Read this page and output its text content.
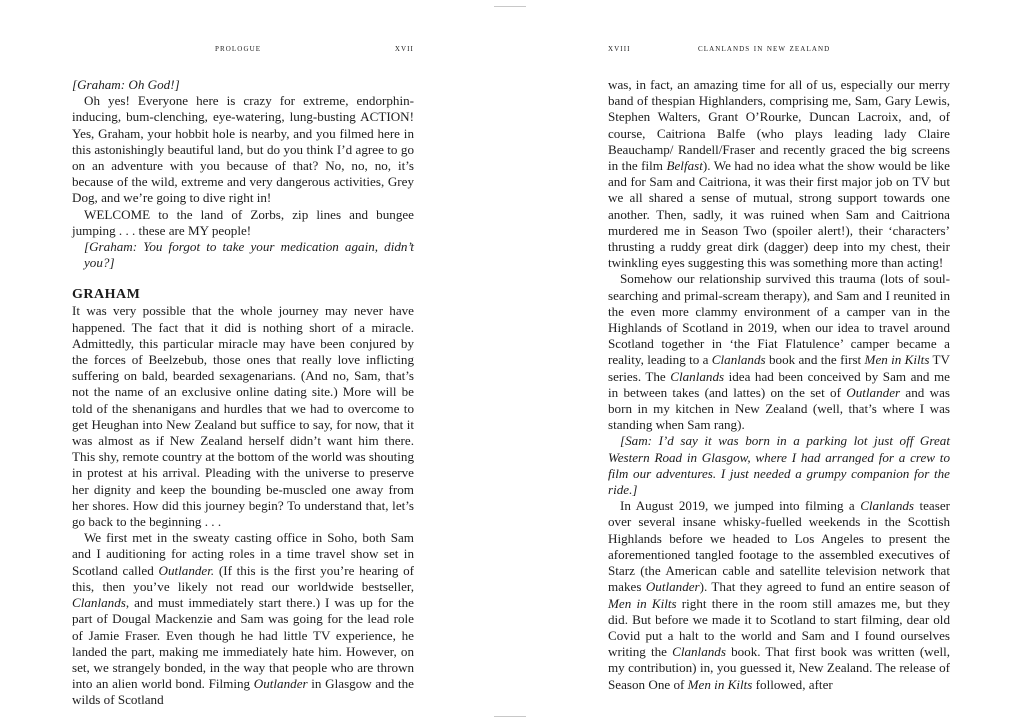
prologue	xvii

[Graham: Oh God!]

Oh yes! Everyone here is crazy for extreme, endorphin-inducing, bum-clenching, eye-watering, lung-busting ACTION! Yes, Graham, your hobbit hole is nearby, and you filmed here in this astonishingly beautiful land, but do you think I’d agree to go on an adventure with you because of that? No, no, no, it’s because of the wild, extreme and very dangerous activities, Grey Dog, and we’re going to dive right in!

WELCOME to the land of Zorbs, zip lines and bungee jumping . . . these are MY people!

[Graham: You forgot to take your medication again, didn’t you?]

GRAHAM

It was very possible that the whole journey may never have happened. The fact that it did is nothing short of a miracle. Admittedly, this particular miracle may have been conjured by the forces of Beelzebub, those ones that really love inflicting suffering on bald, bearded sexagenarians. (And no, Sam, that’s not the name of an exclusive online dating site.) More will be told of the shenanigans and hurdles that we had to overcome to get Heughan into New Zealand but suffice to say, for now, that it was almost as if New Zealand herself didn’t want him there. This shy, remote country at the bottom of the world was shouting in protest at his arrival. Pleading with the universe to preserve her dignity and keep the bounding be-muscled one away from her shores. How did this journey begin? To understand that, let’s go back to the beginning . . .

We first met in the sweaty casting office in Soho, both Sam and I auditioning for acting roles in a time travel show set in Scotland called Outlander. (If this is the first you’re hearing of this, then you’ve likely not read our worldwide bestseller, Clanlands, and must immediately start there.) I was up for the part of Dougal Mackenzie and Sam was going for the lead role of Jamie Fraser. Even though he had little TV experience, he landed the part, making me immediately hate him. However, on set, we strangely bonded, in the way that people who are thrown into an alien world bond. Filming Outlander in Glasgow and the wilds of Scotland

xviii	clanlands in new zealand

was, in fact, an amazing time for all of us, especially our merry band of thespian Highlanders, comprising me, Sam, Gary Lewis, Stephen Walters, Grant O’Rourke, Duncan Lacroix, and, of course, Caitriona Balfe (who plays leading lady Claire Beauchamp/ Randell/Fraser and recently graced the big screens in the film Belfast). We had no idea what the show would be like and for Sam and Caitriona, it was their first major job on TV but we all shared a sense of mutual, strong support towards one another. Then, sadly, it was ruined when Sam and Caitriona murdered me in Season Two (spoiler alert!), their ‘characters’ thrusting a ruddy great dirk (dagger) deep into my chest, their twinkling eyes suggesting this was something more than acting!

Somehow our relationship survived this trauma (lots of soul-searching and primal-scream therapy), and Sam and I reunited in the even more clammy environment of a camper van in the Highlands of Scotland in 2019, when our idea to travel around Scotland together in ‘the Fiat Flatulence’ camper became a reality, leading to a Clanlands book and the first Men in Kilts TV series. The Clanlands idea had been conceived by Sam and me in between takes (and lattes) on the set of Outlander and was born in my kitchen in New Zealand (well, that’s where I was standing when Sam rang).

[Sam: I’d say it was born in a parking lot just off Great Western Road in Glasgow, where I had arranged for a crew to film our adventures. I just needed a grumpy companion for the ride.]

In August 2019, we jumped into filming a Clanlands teaser over several insane whisky-fuelled weekends in the Scottish Highlands before we headed to Los Angeles to present the aforementioned tangled footage to the assembled executives of Starz (the American cable and satellite television network that makes Outlander). That they agreed to fund an entire season of Men in Kilts right there in the room still amazes me, but they did. But before we made it to Scotland to start filming, dear old Covid put a halt to the world and Sam and I found ourselves writing the Clanlands book. That first book was written (well, my contribution) in, you guessed it, New Zealand. The release of Season One of Men in Kilts followed, after
